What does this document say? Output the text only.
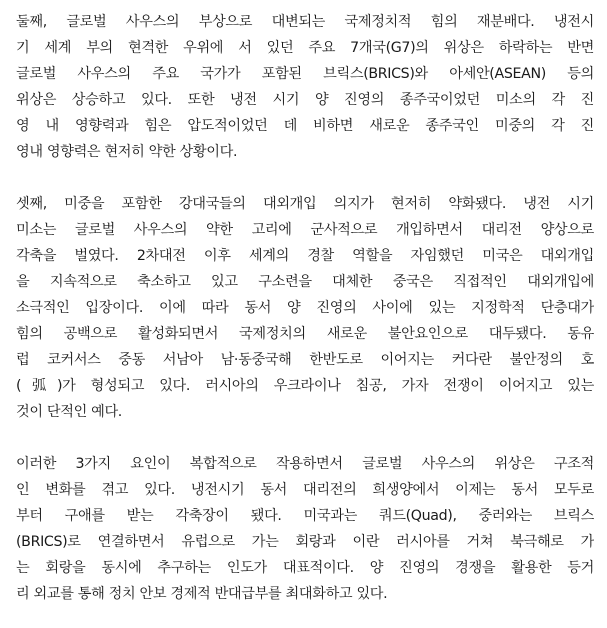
둘째, 글로벌 사우스의 부상으로 대변되는 국제정치적 힘의 재분배다. 냉전시
기 세계 부의 현격한 우위에 서 있던 주요 7개국(G7)의 위상은 하락하는 반면
글로벌 사우스의 주요 국가가 포함된 브릭스(BRICS)와 아세안(ASEAN) 등의
위상은 상승하고 있다. 또한 냉전 시기 양 진영의 종주국이었던 미소의 각 진
영 내 영향력과 힘은 압도적이었던 데 비하면 새로운 종주국인 미중의 각 진
영내 영향력은 현저히 약한 상황이다.
셋째, 미중을 포함한 강대국들의 대외개입 의지가 현저히 약화됐다. 냉전 시기
미소는 글로벌 사우스의 약한 고리에 군사적으로 개입하면서 대리전 양상으로
각축을 벌였다. 2차대전 이후 세계의 경찰 역할을 자임했던 미국은 대외개입
을 지속적으로 축소하고 있고 구소련을 대체한 중국은 직접적인 대외개입에
소극적인 입장이다. 이에 따라 동서 양 진영의 사이에 있는 지정학적 단층대가
힘의 공백으로 활성화되면서 국제정치의 새로운 불안요인으로 대두됐다. 동유
럽 코커서스 중동 서남아 남·동중국해 한반도로 이어지는 커다란 불안정의 호
(弧)가 형성되고 있다. 러시아의 우크라이나 침공, 가자 전쟁이 이어지고 있는
것이 단적인 예다.
이러한 3가지 요인이 복합적으로 작용하면서 글로벌 사우스의 위상은 구조적
인 변화를 겪고 있다. 냉전시기 동서 대리전의 희생양에서 이제는 동서 모두로
부터 구애를 받는 각축장이 됐다. 미국과는 쿼드(Quad), 중러와는 브릭스
(BRICS)로 연결하면서 유럽으로 가는 회랑과 이란 러시아를 거쳐 북극해로 가
는 회랑을 동시에 추구하는 인도가 대표적이다. 양 진영의 경쟁을 활용한 등거
리 외교를 통해 정치 안보 경제적 반대급부를 최대화하고 있다.
